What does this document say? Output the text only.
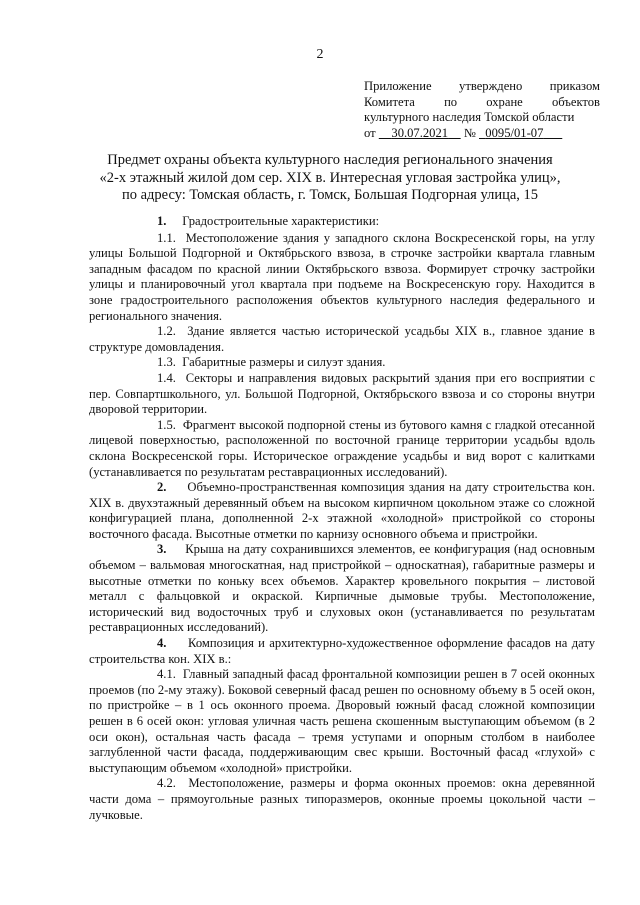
2
Приложение утверждено приказом
Комитета по охране объектов
культурного наследия Томской области
от 30.07.2021 № 0095/01-07
Предмет охраны объекта культурного наследия регионального значения
«2-х этажный жилой дом сер. XIX в. Интересная угловая застройка улиц»,
по адресу: Томская область, г. Томск, Большая Подгорная улица, 15

1. Градостроительные характеристики:

1.1. Местоположение здания у западного склона Воскресенской горы, на углу улицы Большой Подгорной и Октябрьского взвоза, в строчке застройки квартала главным западным фасадом по красной линии Октябрьского взвоза. Формирует строчку застройки улицы и планировочный угол квартала при подъеме на Воскресенскую гору. Находится в зоне градостроительного расположения объектов культурного наследия федерального и регионального значения.

1.2. Здание является частью исторической усадьбы XIX в., главное здание в структуре домовладения.

1.3. Габаритные размеры и силуэт здания.

1.4. Секторы и направления видовых раскрытий здания при его восприятии с пер. Совпартшкольного, ул. Большой Подгорной, Октябрьского взвоза и со стороны внутри дворовой территории.

1.5. Фрагмент высокой подпорной стены из бутового камня с гладкой отесанной лицевой поверхностью, расположенной по восточной границе территории усадьбы вдоль склона Воскресенской горы. Историческое ограждение усадьбы и вид ворот с калитками (устанавливается по результатам реставрационных исследований).

2. Объемно-пространственная композиция здания на дату строительства кон. XIX в. двухэтажный деревянный объем на высоком кирпичном цокольном этаже со сложной конфигурацией плана, дополненной 2-х этажной «холодной» пристройкой со стороны восточного фасада. Высотные отметки по карнизу основного объема и пристройки.

3. Крыша на дату сохранившихся элементов, ее конфигурация (над основным объемом – вальмовая многоскатная, над пристройкой – односкатная), габаритные размеры и высотные отметки по коньку всех объемов. Характер кровельного покрытия – листовой металл с фальцовкой и окраской. Кирпичные дымовые трубы. Местоположение, исторический вид водосточных труб и слуховых окон (устанавливается по результатам реставрационных исследований).

4. Композиция и архитектурно-художественное оформление фасадов на дату строительства кон. XIX в.:

4.1. Главный западный фасад фронтальной композиции решен в 7 осей оконных проемов (по 2-му этажу). Боковой северный фасад решен по основному объему в 5 осей окон, по пристройке – в 1 ось оконного проема. Дворовый южный фасад сложной композиции решен в 6 осей окон: угловая уличная часть решена скошенным выступающим объемом (в 2 оси окон), остальная часть фасада – тремя уступами и опорным столбом в наиболее заглубленной части фасада, поддерживающим свес крыши. Восточный фасад «глухой» с выступающим объемом «холодной» пристройки.

4.2. Местоположение, размеры и форма оконных проемов: окна деревянной части дома – прямоугольные разных типоразмеров, оконные проемы цокольной части – лучковые.
